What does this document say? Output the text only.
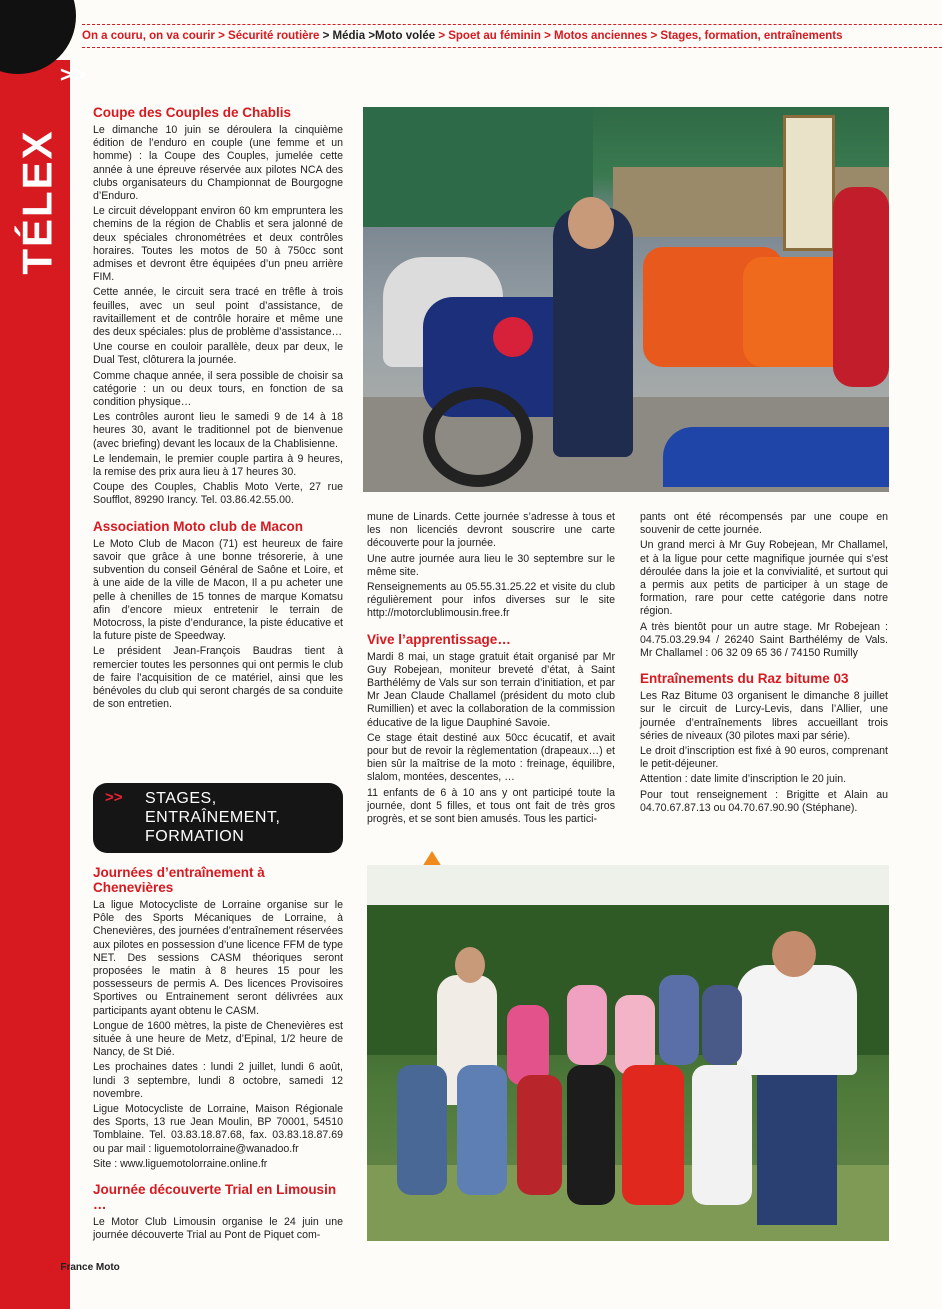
>>
TÉLEX
On a couru, on va courir >
Sécurité routière
> Média >Moto volée
> Spoet au féminin >
Motos anciennes > Stages, formation, entraînements
Coupe des Couples de Chablis

Le dimanche 10 juin se déroulera la cinquième édition de l’enduro en couple (une femme et un homme) : la Coupe des Couples, jumelée cette année à une épreuve réservée aux pilotes NCA des clubs organisateurs du Championnat de Bourgogne d’Enduro.

Le circuit développant environ 60 km empruntera les chemins de la région de Chablis et sera jalonné de deux spéciales chronométrées et deux contrôles horaires. Toutes les motos de 50 à 750cc sont admises et devront être équipées d’un pneu arrière FIM.

Cette année, le circuit sera tracé en trêfle à trois feuilles, avec un seul point d’assistance, de ravitaillement et de contrôle horaire et même une des deux spéciales: plus de problème d’assistance…

Une course en couloir parallèle, deux par deux, le Dual Test, clôturera la journée.

Comme chaque année, il sera possible de choisir sa catégorie : un ou deux tours, en fonction de sa condition physique…

Les contrôles auront lieu le samedi 9 de 14 à 18 heures 30, avant le traditionnel pot de bienvenue (avec briefing) devant les locaux de la Chablisienne.

Le lendemain, le premier couple partira à 9 heures, la remise des prix aura lieu à 17 heures 30.

Coupe des Couples, Chablis Moto Verte, 27 rue Soufflot, 89290 Irancy. Tel. 03.86.42.55.00.

Association Moto club de Macon

Le Moto Club de Macon (71) est heureux de faire savoir que grâce à une bonne trésorerie, à une subvention du conseil Général de Saône et Loire, et à une aide de la ville de Macon, Il a pu acheter une pelle à chenilles de 15 tonnes de marque Komatsu afin d’encore mieux entretenir le terrain de Motocross, la piste d’endurance, la piste éducative et la future piste de Speedway.

Le président Jean-François Baudras tient à remercier toutes les personnes qui ont permis le club de faire l’acquisition de ce matériel, ainsi que les bénévoles du club qui seront chargés de sa conduite de son entretien.

>> STAGES,
ENTRAÎNEMENT,
FORMATION
Journées d’entraînement à Chenevières

La ligue Motocycliste de Lorraine organise sur le Pôle des Sports Mécaniques de Lorraine, à Chenevières, des journées d’entraînement réservées aux pilotes en possession d’une licence FFM de type NET. Des sessions CASM théoriques seront proposées le matin à 8 heures 15 pour les possesseurs de permis A. Des licences Provisoires Sportives ou Entrainement seront délivrées aux participants ayant obtenu le CASM.

Longue de 1600 mètres, la piste de Chenevières est située à une heure de Metz, d’Epinal, 1/2 heure de Nancy, de St Dié.

Les prochaines dates : lundi 2 juillet, lundi 6 août, lundi 3 septembre, lundi 8 octobre, samedi 12 novembre.

Ligue Motocycliste de Lorraine, Maison Régionale des Sports, 13 rue Jean Moulin, BP 70001, 54510 Tomblaine. Tel. 03.83.18.87.68, fax. 03.83.18.87.69 ou par mail : liguemotolorraine@wanadoo.fr

Site : www.liguemotolorraine.online.fr

Journée découverte Trial en Limousin …

Le Motor Club Limousin organise le 24 juin une journée découverte Trial au Pont de Piquet com-

mune de Linards. Cette journée s’adresse à tous et les non licenciés devront souscrire une carte découverte pour la journée.

Une autre journée aura lieu le 30 septembre sur le même site.

Renseignements au 05.55.31.25.22 et visite du club régulièrement pour infos diverses sur le site http://motorclublimousin.free.fr

Vive l’apprentissage…

Mardi 8 mai, un stage gratuit était organisé par Mr Guy Robejean, moniteur breveté d’état, à Saint Barthélémy de Vals sur son terrain d’initiation, et par Mr Jean Claude Challamel (président du moto club Rumillien) et avec la collaboration de la commission éducative de la ligue Dauphiné Savoie.

Ce stage était destiné aux 50cc écucatif, et avait pour but de revoir la règlementation (drapeaux…) et bien sûr la maîtrise de la moto : freinage, équilibre, slalom, montées, descentes, …

11 enfants de 6 à 10 ans y ont participé toute la journée, dont 5 filles, et tous ont fait de très gros progrès, et se sont bien amusés. Tous les partici-

pants ont été récompensés par une coupe en souvenir de cette journée.

Un grand merci à Mr Guy Robejean, Mr Challamel, et à la ligue pour cette magnifique journée qui s’est déroulée dans la joie et la convivialité, et surtout qui a permis aux petits de participer à un stage de formation, rare pour cette catégorie dans notre région.

A très bientôt pour un autre stage. Mr Robejean : 04.75.03.29.94 / 26240 Saint Barthélémy de Vals. Mr Challamel : 06 32 09 65 36 / 74150 Rumilly

Entraînements du Raz bitume 03

Les Raz Bitume 03 organisent le dimanche 8 juillet sur le circuit de Lurcy-Levis, dans l’Allier, une journée d’entraînements libres accueillant trois séries de niveaux (30 pilotes maxi par série).

Le droit d’inscription est fixé à 90 euros, comprenant le petit-déjeuner.

Attention : date limite d’inscription le 20 juin.

Pour tout renseignement : Brigitte et Alain au 04.70.67.87.13 ou 04.70.67.90.90 (Stéphane).

8 France Moto
